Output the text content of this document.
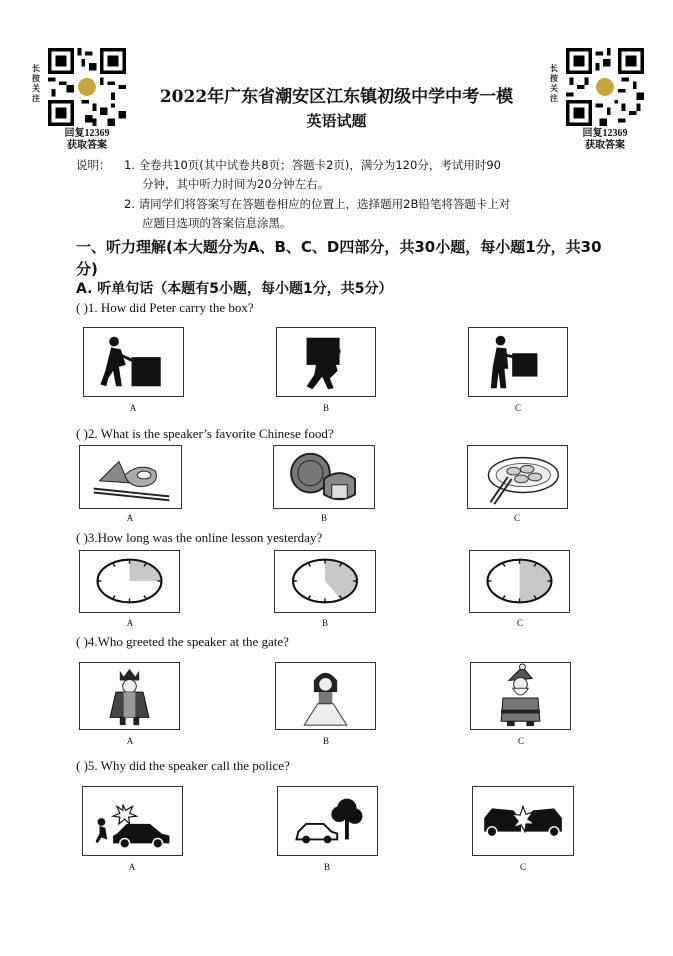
长按关注
回复12369
获取答案
长按关注
回复12369
获取答案
2022年广东省潮安区江东镇初级中学中考一模
英语试题
说明： 1. 全卷共10页(其中试卷共8页；答题卡2页)，满分为120分，考试用时90
分钟，其中听力时间为20分钟左右。
2. 请同学们将答案写在答题卷相应的位置上，选择题用2B铅笔将答题卡上对
应题目选项的答案信息涂黑。
一、听力理解(本大题分为A、B、C、D四部分，共30小题，每小题1分，共30分)
A. 听单句话（本题有5小题，每小题1分，共5分）
( )1. How did Peter carry the box?
A	B	C
( )2. What is the speaker’s favorite Chinese food?
A	B	C
( )3.How long was the online lesson yesterday?
A	B	C
( )4.Who greeted the speaker at the gate?
A	B	C
( )5. Why did the speaker call the police?
A	B	C
